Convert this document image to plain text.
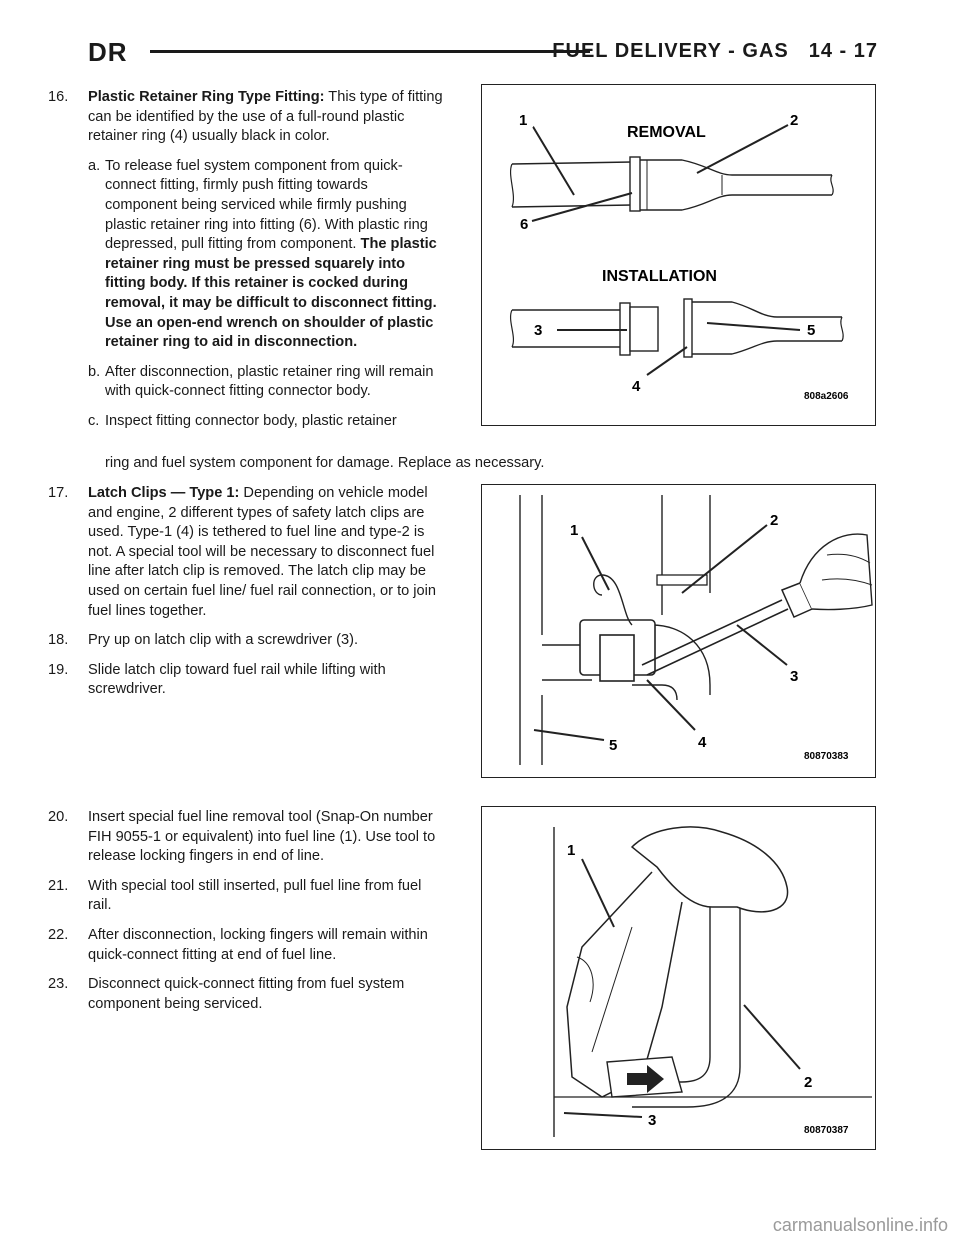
DR	FUEL DELIVERY - GAS 14 - 17

16. Plastic Retainer Ring Type Fitting: This type of fitting can be identified by the use of a full-round plastic retainer ring (4) usually black in color.

a. To release fuel system component from quick-connect fitting, firmly push fitting towards component being serviced while firmly pushing plastic retainer ring into fitting (6). With plastic ring depressed, pull fitting from component. The plastic retainer ring must be pressed squarely into fitting body. If this retainer is cocked during removal, it may be difficult to disconnect fitting. Use an open-end wrench on shoulder of plastic retainer ring to aid in disconnection.

b. After disconnection, plastic retainer ring will remain with quick-connect fitting connector body.

c. Inspect fitting connector body, plastic retainer

ring and fuel system component for damage. Replace as necessary.

17. Latch Clips — Type 1: Depending on vehicle model and engine, 2 different types of safety latch clips are used. Type-1 (4) is tethered to fuel line and type-2 is not. A special tool will be necessary to disconnect fuel line after latch clip is removed. The latch clip may be used on certain fuel line/ fuel rail connection, or to join fuel lines together.

18. Pry up on latch clip with a screwdriver (3).

19. Slide latch clip toward fuel rail while lifting with screwdriver.

20. Insert special fuel line removal tool (Snap-On number FIH 9055-1 or equivalent) into fuel line (1). Use tool to release locking fingers in end of line.

21. With special tool still inserted, pull fuel line from fuel rail.

22. After disconnection, locking fingers will remain within quick-connect fitting at end of fuel line.

23. Disconnect quick-connect fitting from fuel system component being serviced.

REMOVAL
1	2
6
INSTALLATION
3	5
4
808a2606
1
2
3
4
5
80870383
1
2
3
80870387
carmanualsonline.info
